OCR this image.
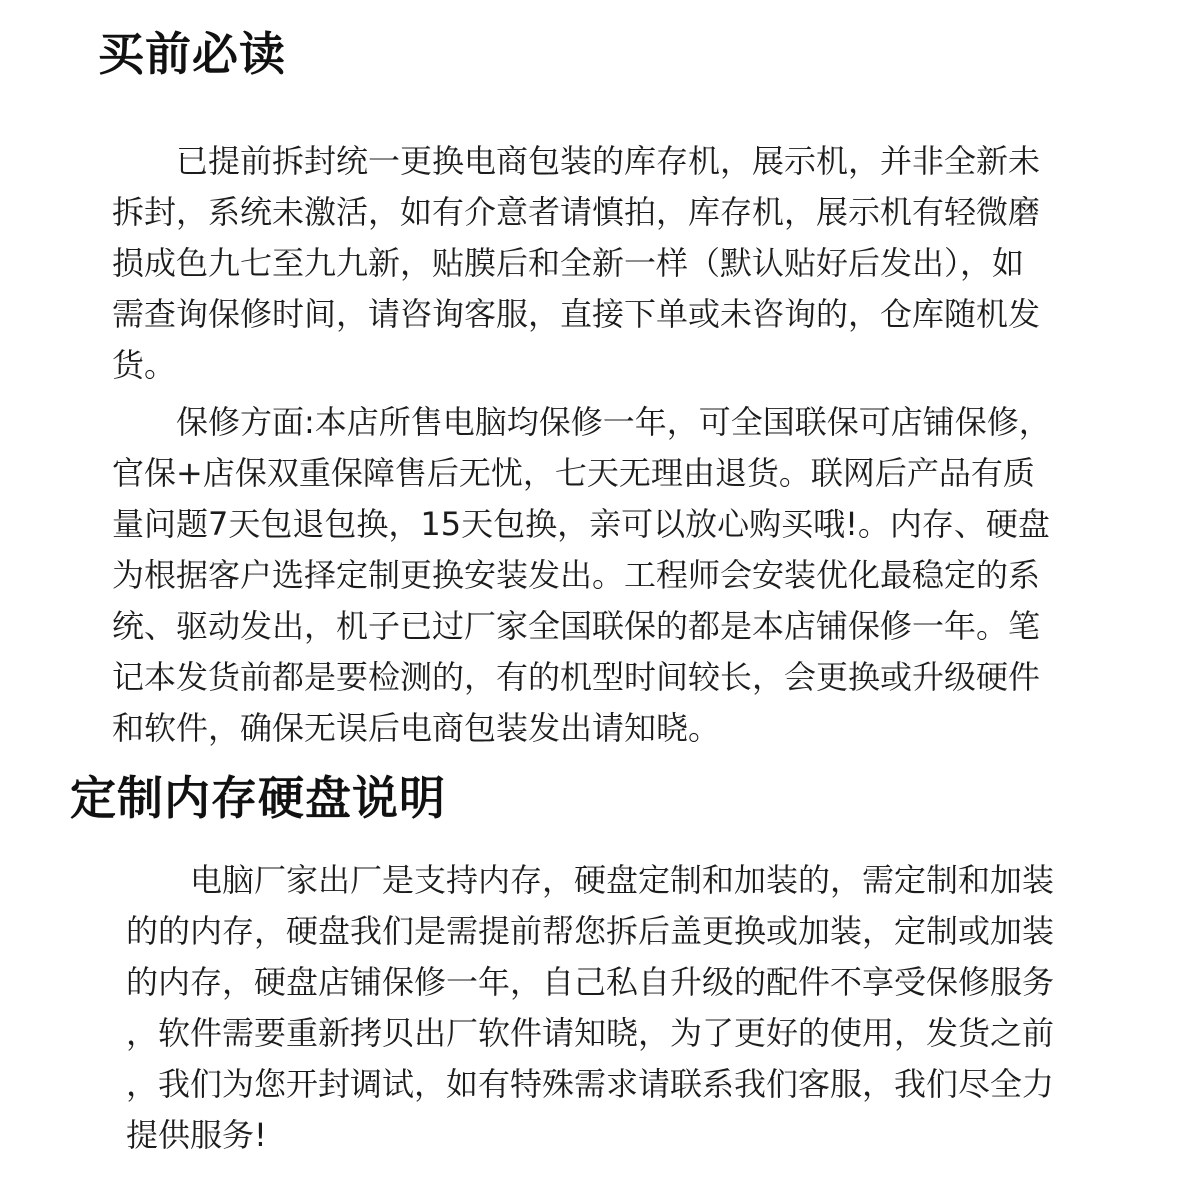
买前必读
　　已提前拆封统一更换电商包装的库存机，展示机，并非全新未
拆封，系统未激活，如有介意者请慎拍，库存机，展示机有轻微磨
损成色九七至九九新，贴膜后和全新一样（默认贴好后发出），如
需查询保修时间，请咨询客服，直接下单或未咨询的，仓库随机发
货。
　　保修方面:本店所售电脑均保修一年，可全国联保可店铺保修，
官保+店保双重保障售后无忧，七天无理由退货。联网后产品有质
量问题7天包退包换，15天包换，亲可以放心购买哦!。内存、硬盘
为根据客户选择定制更换安装发出。工程师会安装优化最稳定的系
统、驱动发出，机子已过厂家全国联保的都是本店铺保修一年。笔
记本发货前都是要检测的，有的机型时间较长，会更换或升级硬件
和软件，确保无误后电商包装发出请知晓。
定制内存硬盘说明
　　电脑厂家出厂是支持内存，硬盘定制和加装的，需定制和加装
的的内存，硬盘我们是需提前帮您拆后盖更换或加装，定制或加装
的内存，硬盘店铺保修一年，自己私自升级的配件不享受保修服务
，软件需要重新拷贝出厂软件请知晓，为了更好的使用，发货之前
，我们为您开封调试，如有特殊需求请联系我们客服，我们尽全力
提供服务!
